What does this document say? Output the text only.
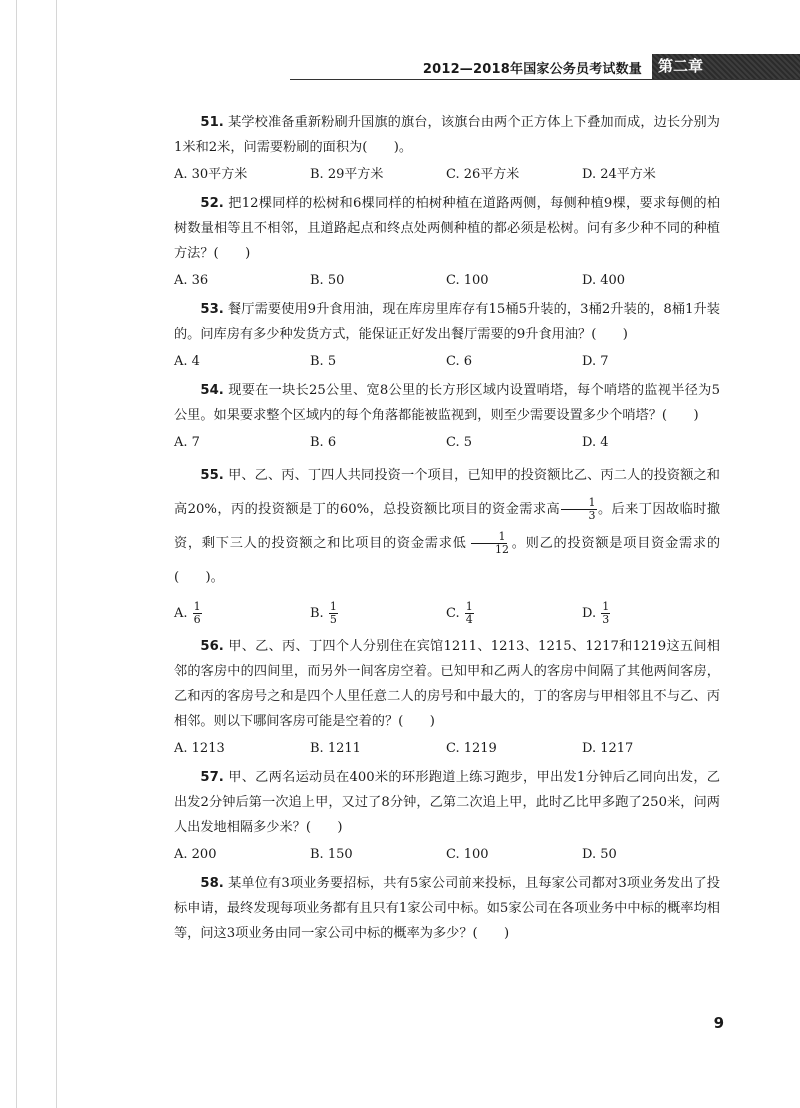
2012—2018年国家公务员考试数量	第二章

51. 某学校准备重新粉刷升国旗的旗台，该旗台由两个正方体上下叠加而成，边长分别为1米和2米，问需要粉刷的面积为(　　)。

A. 30平方米	B. 29平方米	C. 26平方米	D. 24平方米

52. 把12棵同样的松树和6棵同样的柏树种植在道路两侧，每侧种植9棵，要求每侧的柏树数量相等且不相邻，且道路起点和终点处两侧种植的都必须是松树。问有多少种不同的种植方法？(　　)

A. 36	B. 50	C. 100	D. 400

53. 餐厅需要使用9升食用油，现在库房里库存有15桶5升装的，3桶2升装的，8桶1升装的。问库房有多少种发货方式，能保证正好发出餐厅需要的9升食用油？(　　)

A. 4	B. 5	C. 6	D. 7

54. 现要在一块长25公里、宽8公里的长方形区域内设置哨塔，每个哨塔的监视半径为5公里。如果要求整个区域内的每个角落都能被监视到，则至少需要设置多少个哨塔？(　　)

A. 7	B. 6	C. 5	D. 4

55. 甲、乙、丙、丁四人共同投资一个项目，已知甲的投资额比乙、丙二人的投资额之和高20%，丙的投资额是丁的60%，总投资额比项目的资金需求高 $\frac{1}{3}$ 。后来丁因故临时撤资，剩下三人的投资额之和比项目的资金需求低 $\frac{1}{12}$ 。则乙的投资额是项目资金需求的(　　)。

A. $\frac{1}{6}$	B. $\frac{1}{5}$	C. $\frac{1}{4}$	D. $\frac{1}{3}$

56. 甲、乙、丙、丁四个人分别住在宾馆1211、1213、1215、1217和1219这五间相邻的客房中的四间里，而另外一间客房空着。已知甲和乙两人的客房中间隔了其他两间客房，乙和丙的客房号之和是四个人里任意二人的房号和中最大的，丁的客房与甲相邻且不与乙、丙相邻。则以下哪间客房可能是空着的？(　　)

A. 1213	B. 1211	C. 1219	D. 1217

57. 甲、乙两名运动员在400米的环形跑道上练习跑步，甲出发1分钟后乙同向出发，乙出发2分钟后第一次追上甲，又过了8分钟，乙第二次追上甲，此时乙比甲多跑了250米，问两人出发地相隔多少米？(　　)

A. 200	B. 150	C. 100	D. 50

58. 某单位有3项业务要招标，共有5家公司前来投标，且每家公司都对3项业务发出了投标申请，最终发现每项业务都有且只有1家公司中标。如5家公司在各项业务中中标的概率均相等，问这3项业务由同一家公司中标的概率为多少？(　　)

9
